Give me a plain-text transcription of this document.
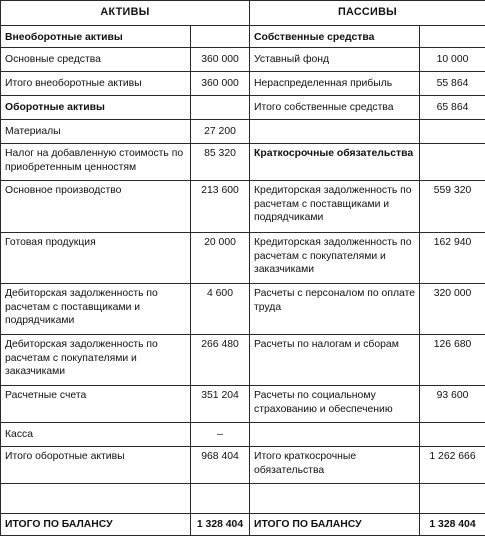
АКТИВЫ		ПАССИВЫ	
Внеоборотные активы		Собственные средства	
Основные средства	360 000	Уставный фонд	10 000
Итого внеоборотные активы	360 000	Нераспределенная прибыль	55 864
Оборотные активы		Итого собственные средства	65 864
Материалы	27 200		
Налог на добавленную стоимость по приобретенным ценностям	85 320	Краткосрочные обязательства	
Основное производство	213 600	Кредиторская задолженность по расчетам с поставщиками и подрядчиками	559 320
Готовая продукция	20 000	Кредиторская задолженность по расчетам с покупателями и заказчиками	162 940
Дебиторская задолженность по расчетам с поставщиками и подрядчиками	4 600	Расчеты с персоналом по оплате труда	320 000
Дебиторская задолженность по расчетам с покупателями и заказчиками	266 480	Расчеты по налогам и сборам	126 680
Расчетные счета	351 204	Расчеты по социальному страхованию и обеспечению	93 600
Касса	–		
Итого оборотные активы	968 404	Итого краткосрочные обязательства	1 262 666

ИТОГО ПО БАЛАНСУ	1 328 404	ИТОГО ПО БАЛАНСУ	1 328 404
